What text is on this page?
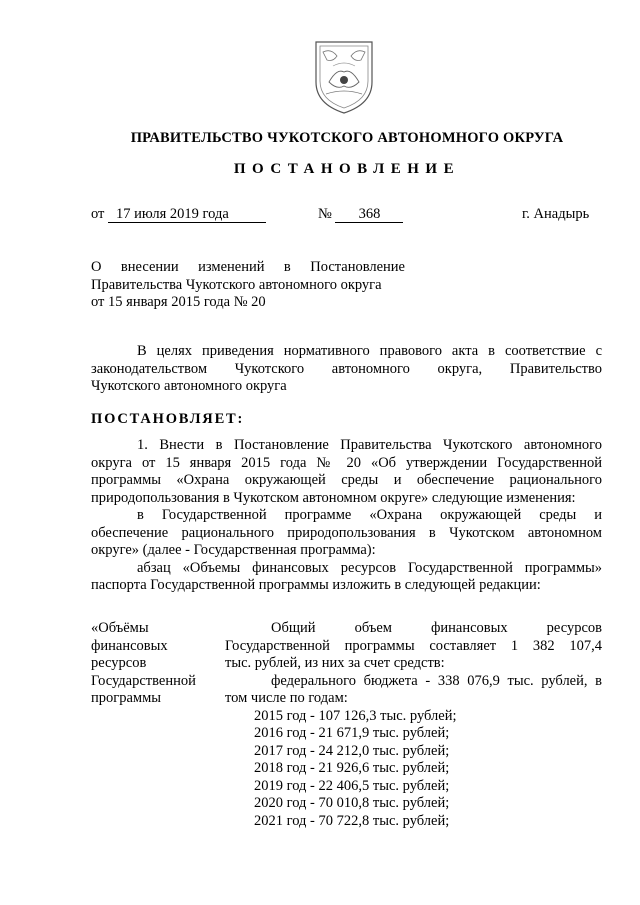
ПРАВИТЕЛЬСТВО ЧУКОТСКОГО АВТОНОМНОГО ОКРУГА
ПОСТАНОВЛЕНИЕ
от 17 июля 2019 года	№ 368	г. Анадырь
О внесении изменений в Постановление
Правительства Чукотского автономного округа
от 15 января 2015 года № 20
В целях приведения нормативного правового акта в соответствие с
законодательством Чукотского автономного округа, Правительство
Чукотского автономного округа
ПОСТАНОВЛЯЕТ:
1. Внести в Постановление Правительства Чукотского автономного
округа от 15 января 2015 года № 20 «Об утверждении Государственной
программы «Охрана окружающей среды и обеспечение рационального
природопользования в Чукотском автономном округе» следующие изменения:
в Государственной программе «Охрана окружающей среды и
обеспечение рационального природопользования в Чукотском автономном
округе» (далее - Государственная программа):
абзац «Объемы финансовых ресурсов Государственной программы»
паспорта Государственной программы изложить в следующей редакции:
«Объёмы
финансовых
ресурсов
Государственной
программы
Общий объем финансовых ресурсов
Государственной программы составляет 1 382 107,4
тыс. рублей, из них за счет средств:
федерального бюджета - 338 076,9 тыс. рублей, в
том числе по годам:
2015 год - 107 126,3 тыс. рублей;
2016 год - 21 671,9 тыс. рублей;
2017 год - 24 212,0 тыс. рублей;
2018 год - 21 926,6 тыс. рублей;
2019 год - 22 406,5 тыс. рублей;
2020 год - 70 010,8 тыс. рублей;
2021 год - 70 722,8 тыс. рублей;
